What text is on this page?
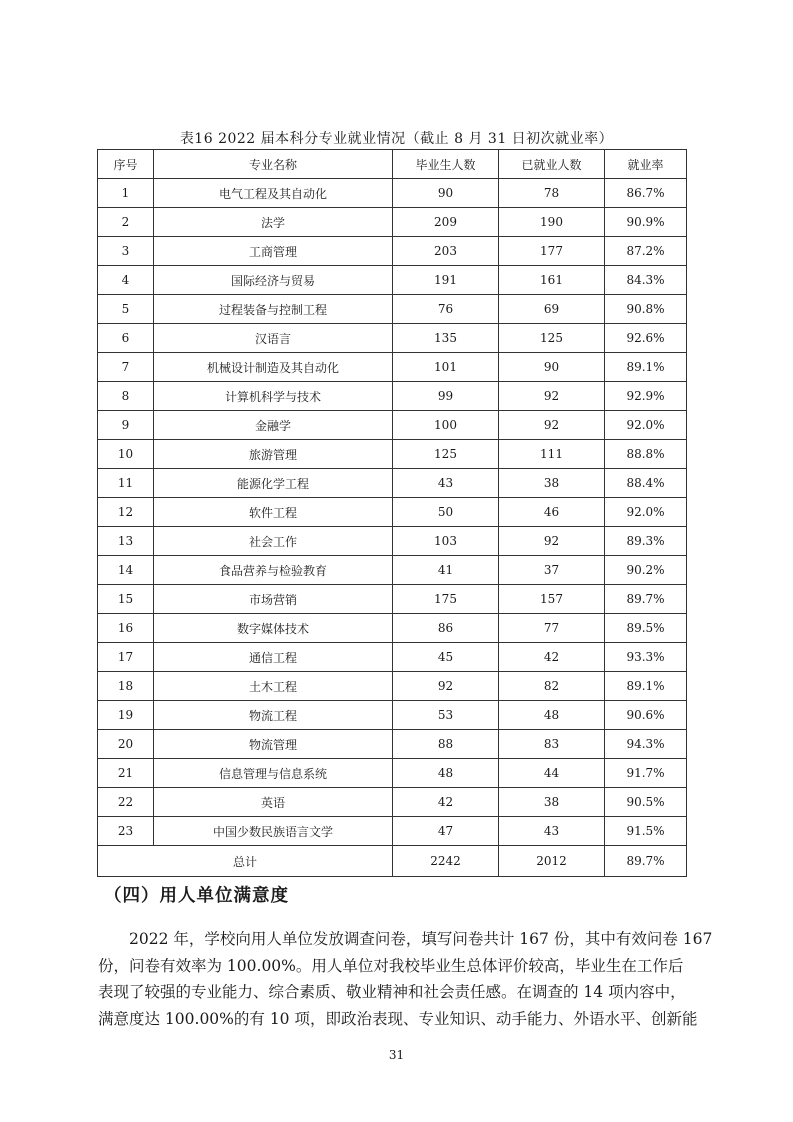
表16 2022 届本科分专业就业情况（截止 8 月 31 日初次就业率）
序号	专业名称	毕业生人数	已就业人数	就业率
1	电气工程及其自动化	90	78	86.7%
2	法学	209	190	90.9%
3	工商管理	203	177	87.2%
4	国际经济与贸易	191	161	84.3%
5	过程装备与控制工程	76	69	90.8%
6	汉语言	135	125	92.6%
7	机械设计制造及其自动化	101	90	89.1%
8	计算机科学与技术	99	92	92.9%
9	金融学	100	92	92.0%
10	旅游管理	125	111	88.8%
11	能源化学工程	43	38	88.4%
12	软件工程	50	46	92.0%
13	社会工作	103	92	89.3%
14	食品营养与检验教育	41	37	90.2%
15	市场营销	175	157	89.7%
16	数字媒体技术	86	77	89.5%
17	通信工程	45	42	93.3%
18	土木工程	92	82	89.1%
19	物流工程	53	48	90.6%
20	物流管理	88	83	94.3%
21	信息管理与信息系统	48	44	91.7%
22	英语	42	38	90.5%
23	中国少数民族语言文学	47	43	91.5%
总计		2242	2012	89.7%
（四）用人单位满意度
2022 年，学校向用人单位发放调查问卷，填写问卷共计 167 份，其中有效问卷 167
份，问卷有效率为 100.00%。用人单位对我校毕业生总体评价较高，毕业生在工作后
表现了较强的专业能力、综合素质、敬业精神和社会责任感。在调查的 14 项内容中，
满意度达 100.00%的有 10 项，即政治表现、专业知识、动手能力、外语水平、创新能
31
